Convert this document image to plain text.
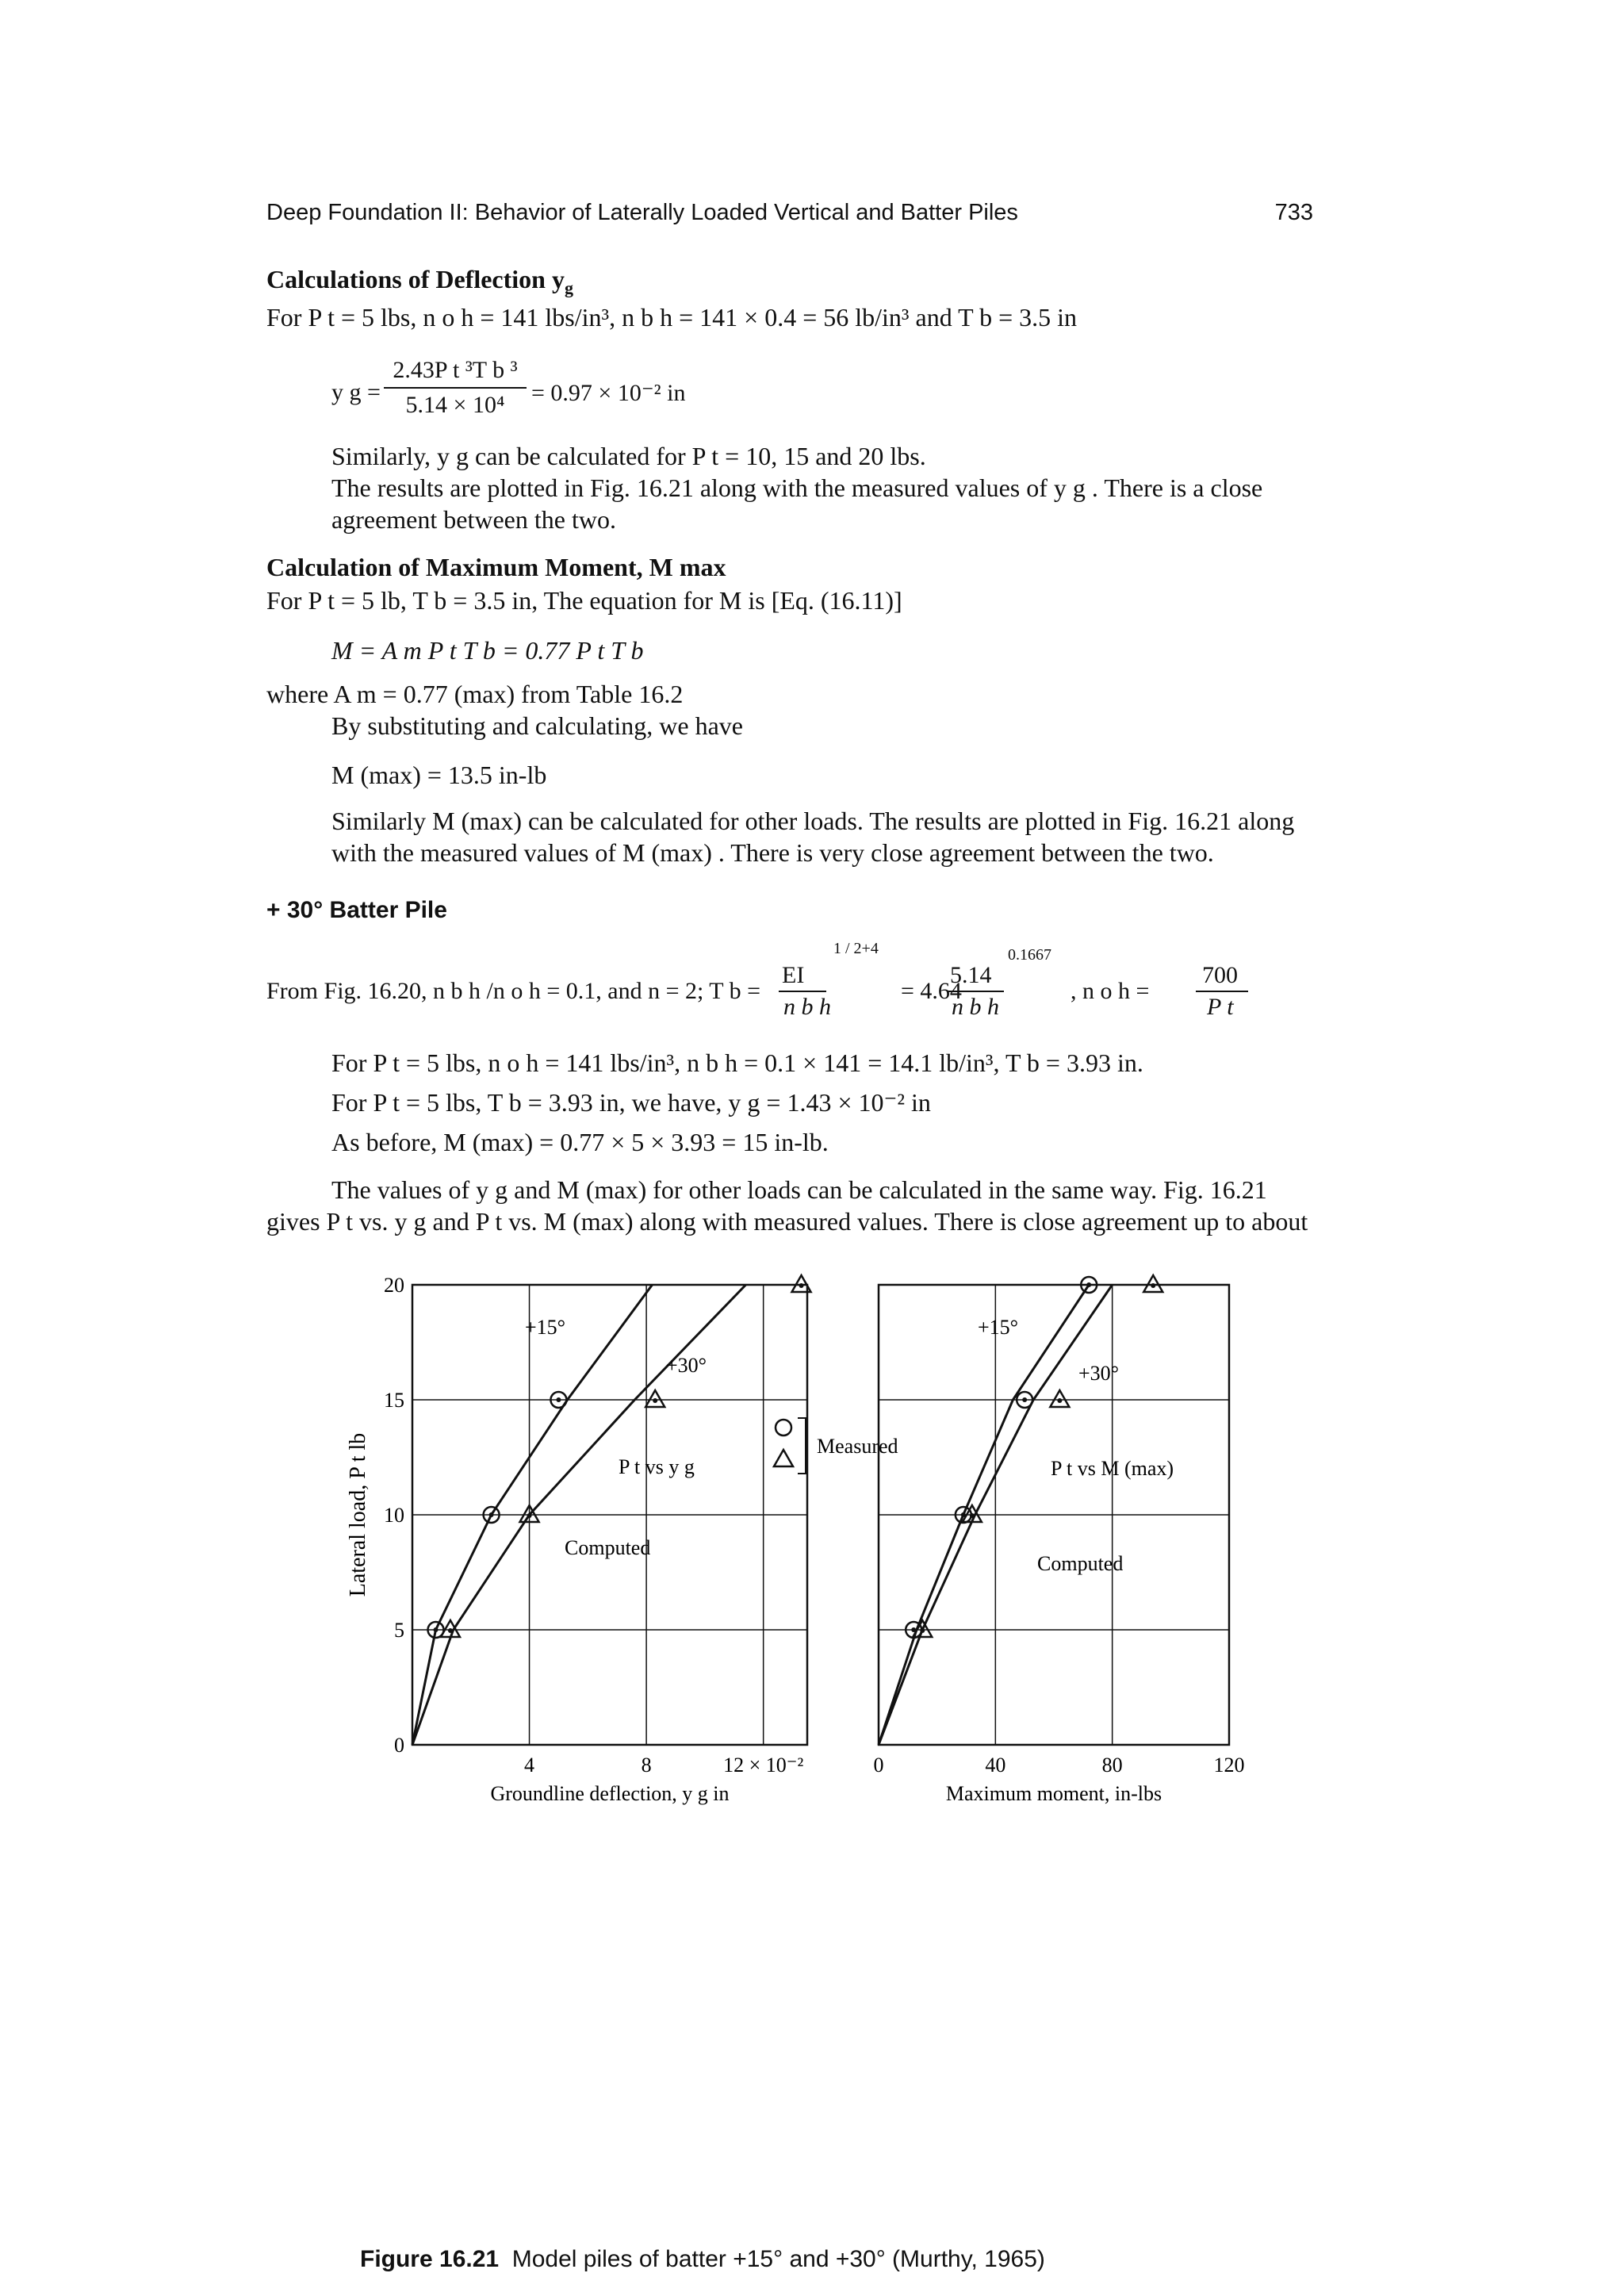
Deep Foundation II: Behavior of Laterally Loaded Vertical and Batter Piles	733
Calculations of Deflection $y_g$
For P t = 5 lbs, n o h = 141 lbs/in³, n b h = 141 × 0.4 = 56 lb/in³ and T b = 3.5 in
y g =
2.43P t ³T b ³
5.14 × 10⁴	= 0.97 × 10⁻² in
Similarly, y g can be calculated for P t = 10, 15 and 20 lbs.
The results are plotted in Fig. 16.21 along with the measured values of y g . There is a close agreement between the two.
Calculation of Maximum Moment, M max
For P t = 5 lb, T b = 3.5 in, The equation for M is [Eq. (16.11)]
M = A m P t T b = 0.77 P t T b
where A m = 0.77 (max) from Table 16.2
By substituting and calculating, we have
M (max) = 13.5 in-lb
Similarly M (max) can be calculated for other loads. The results are plotted in Fig. 16.21 along with the measured values of M (max) . There is very close agreement between the two.
+ 30° Batter Pile
From Fig. 16.20, n b h /n o h = 0.1, and n = 2; T b =
EI
n b h
1 / 2+4
= 4.64
5.14
n b h
0.1667
, n o h =
700
P t
For P t = 5 lbs, n o h = 141 lbs/in³, n b h = 0.1 × 141 = 14.1 lb/in³, T b = 3.93 in.
For P t = 5 lbs, T b = 3.93 in, we have, y g = 1.43 × 10⁻² in
As before, M (max) = 0.77 × 5 × 3.93 = 15 in-lb.
The values of y g and M (max) for other loads can be calculated in the same way. Fig. 16.21 gives P t vs. y g and P t vs. M (max) along with measured values. There is close agreement up to about
4	8	12 × 10⁻²
Groundline deflection, y g in
0
5
10
15
20
+15°
+30°
P t vs y g
Computed
Measured
0	40	80	120
Maximum moment, in-lbs
+15°
+30°
P t vs M (max)
Computed
Lateral load, P t lb
Figure 16.21 Model piles of batter +15° and +30° (Murthy, 1965)
